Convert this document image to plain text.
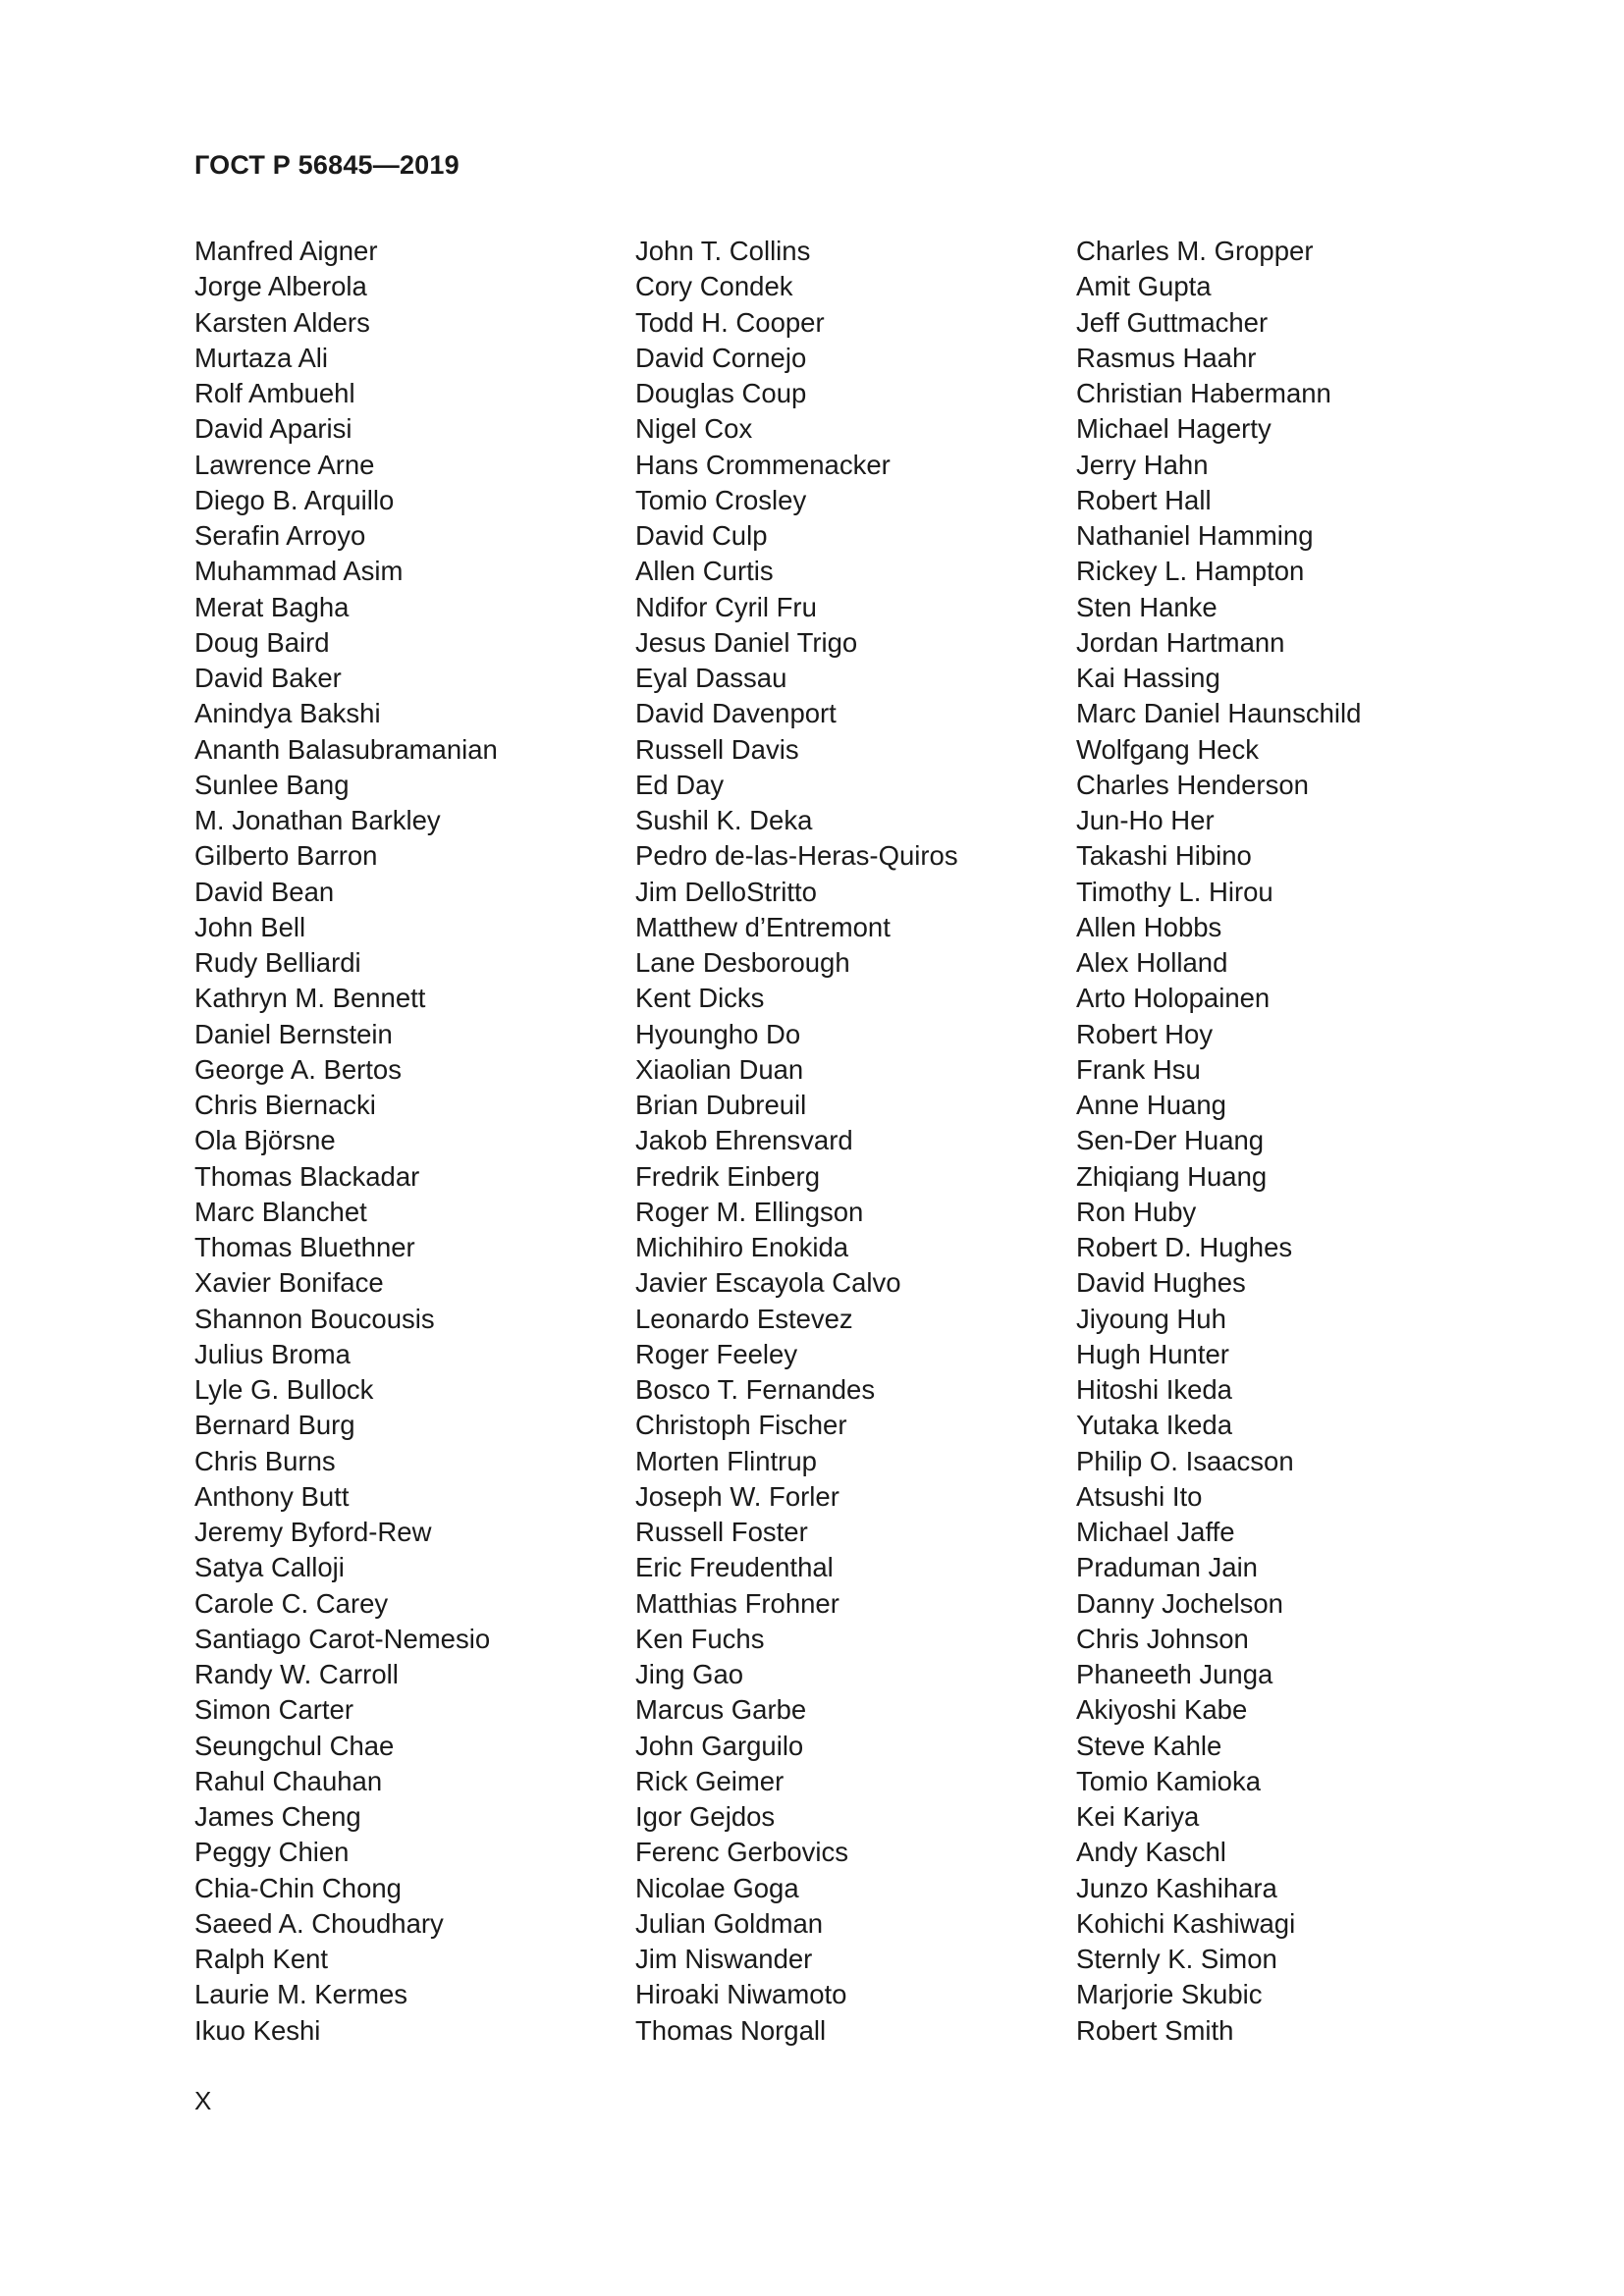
ГОСТ Р 56845—2019
Manfred Aigner
Jorge Alberola
Karsten Alders
Murtaza Ali
Rolf Ambuehl
David Aparisi
Lawrence Arne
Diego B. Arquillo
Serafin Arroyo
Muhammad Asim
Merat Bagha
Doug Baird
David Baker
Anindya Bakshi
Ananth Balasubramanian
Sunlee Bang
M. Jonathan Barkley
Gilberto Barron
David Bean
John Bell
Rudy Belliardi
Kathryn M. Bennett
Daniel Bernstein
George A. Bertos
Chris Biernacki
Ola Björsne
Thomas Blackadar
Marc Blanchet
Thomas Bluethner
Xavier Boniface
Shannon Boucousis
Julius Broma
Lyle G. Bullock
Bernard Burg
Chris Burns
Anthony Butt
Jeremy Byford-Rew
Satya Calloji
Carole C. Carey
Santiago Carot-Nemesio
Randy W. Carroll
Simon Carter
Seungchul Chae
Rahul Chauhan
James Cheng
Peggy Chien
Chia-Chin Chong
Saeed A. Choudhary
Ralph Kent
Laurie M. Kermes
Ikuo Keshi
John T. Collins
Cory Condek
Todd H. Cooper
David Cornejo
Douglas Coup
Nigel Cox
Hans Crommenacker
Tomio Crosley
David Culp
Allen Curtis
Ndifor Cyril Fru
Jesus Daniel Trigo
Eyal Dassau
David Davenport
Russell Davis
Ed Day
Sushil K. Deka
Pedro de-las-Heras-Quiros
Jim DelloStritto
Matthew d’Entremont
Lane Desborough
Kent Dicks
Hyoungho Do
Xiaolian Duan
Brian Dubreuil
Jakob Ehrensvard
Fredrik Einberg
Roger M. Ellingson
Michihiro Enokida
Javier Escayola Calvo
Leonardo Estevez
Roger Feeley
Bosco T. Fernandes
Christoph Fischer
Morten Flintrup
Joseph W. Forler
Russell Foster
Eric Freudenthal
Matthias Frohner
Ken Fuchs
Jing Gao
Marcus Garbe
John Garguilo
Rick Geimer
Igor Gejdos
Ferenc Gerbovics
Nicolae Goga
Julian Goldman
Jim Niswander
Hiroaki Niwamoto
Thomas Norgall
Charles M. Gropper
Amit Gupta
Jeff Guttmacher
Rasmus Haahr
Christian Habermann
Michael Hagerty
Jerry Hahn
Robert Hall
Nathaniel Hamming
Rickey L. Hampton
Sten Hanke
Jordan Hartmann
Kai Hassing
Marc Daniel Haunschild
Wolfgang Heck
Charles Henderson
Jun-Ho Her
Takashi Hibino
Timothy L. Hirou
Allen Hobbs
Alex Holland
Arto Holopainen
Robert Hoy
Frank Hsu
Anne Huang
Sen-Der Huang
Zhiqiang Huang
Ron Huby
Robert D. Hughes
David Hughes
Jiyoung Huh
Hugh Hunter
Hitoshi Ikeda
Yutaka Ikeda
Philip O. Isaacson
Atsushi Ito
Michael Jaffe
Praduman Jain
Danny Jochelson
Chris Johnson
Phaneeth Junga
Akiyoshi Kabe
Steve Kahle
Tomio Kamioka
Kei Kariya
Andy Kaschl
Junzo Kashihara
Kohichi Kashiwagi
Sternly K. Simon
Marjorie Skubic
Robert Smith
X
